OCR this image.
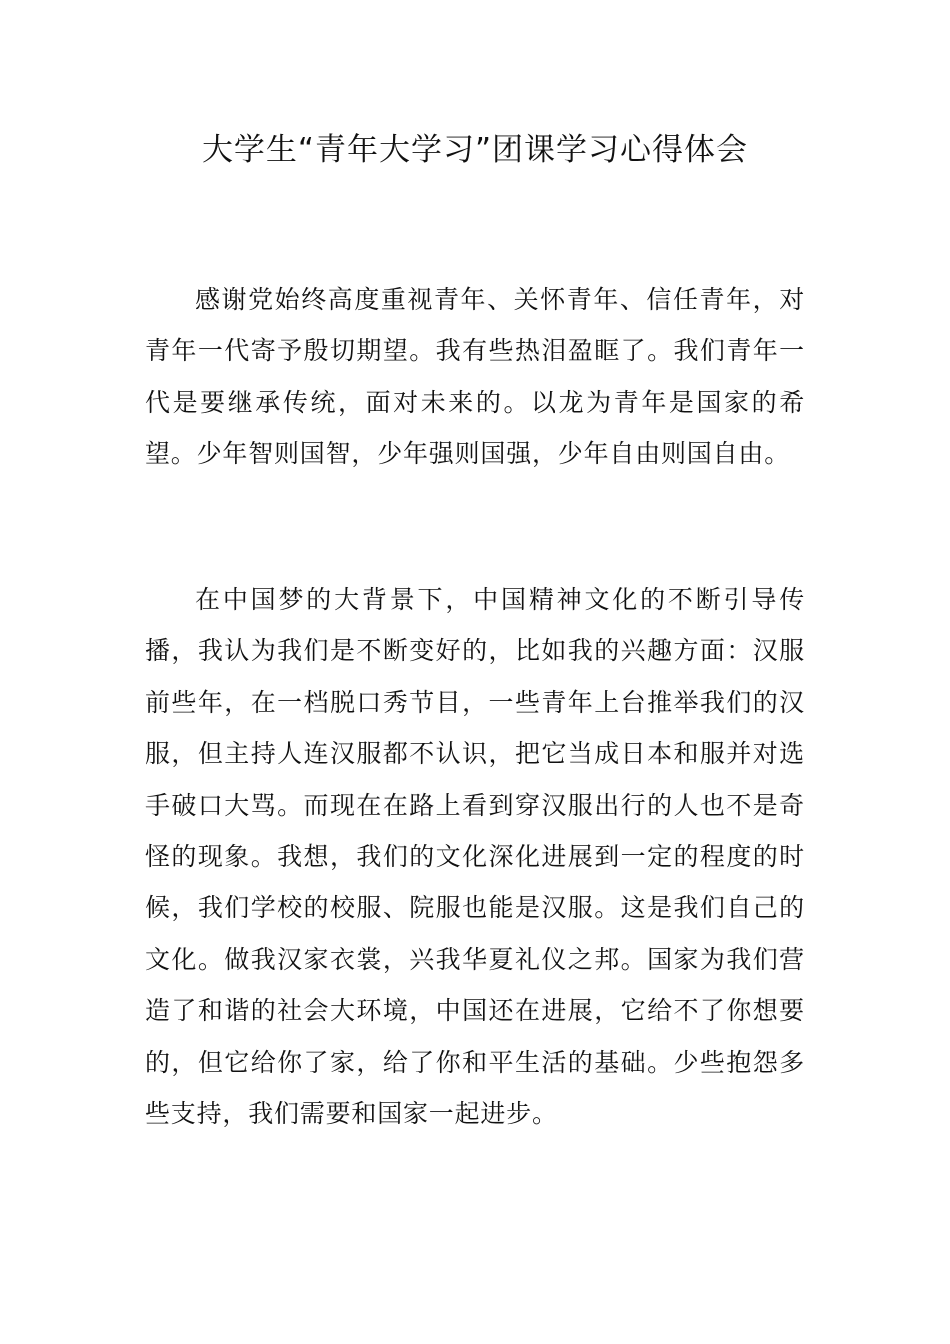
大学生“青年大学习”团课学习心得体会

感谢党始终高度重视青年、关怀青年、信任青年，对青年一代寄予殷切期望。我有些热泪盈眶了。我们青年一代是要继承传统，面对未来的。以龙为青年是国家的希望。少年智则国智，少年强则国强，少年自由则国自由。

在中国梦的大背景下，中国精神文化的不断引导传播，我认为我们是不断变好的，比如我的兴趣方面：汉服前些年，在一档脱口秀节目，一些青年上台推举我们的汉服，但主持人连汉服都不认识，把它当成日本和服并对选手破口大骂。而现在在路上看到穿汉服出行的人也不是奇怪的现象。我想，我们的文化深化进展到一定的程度的时候，我们学校的校服、院服也能是汉服。这是我们自己的文化。做我汉家衣裳，兴我华夏礼仪之邦。国家为我们营造了和谐的社会大环境，中国还在进展，它给不了你想要的，但它给你了家，给了你和平生活的基础。少些抱怨多些支持，我们需要和国家一起进步。
